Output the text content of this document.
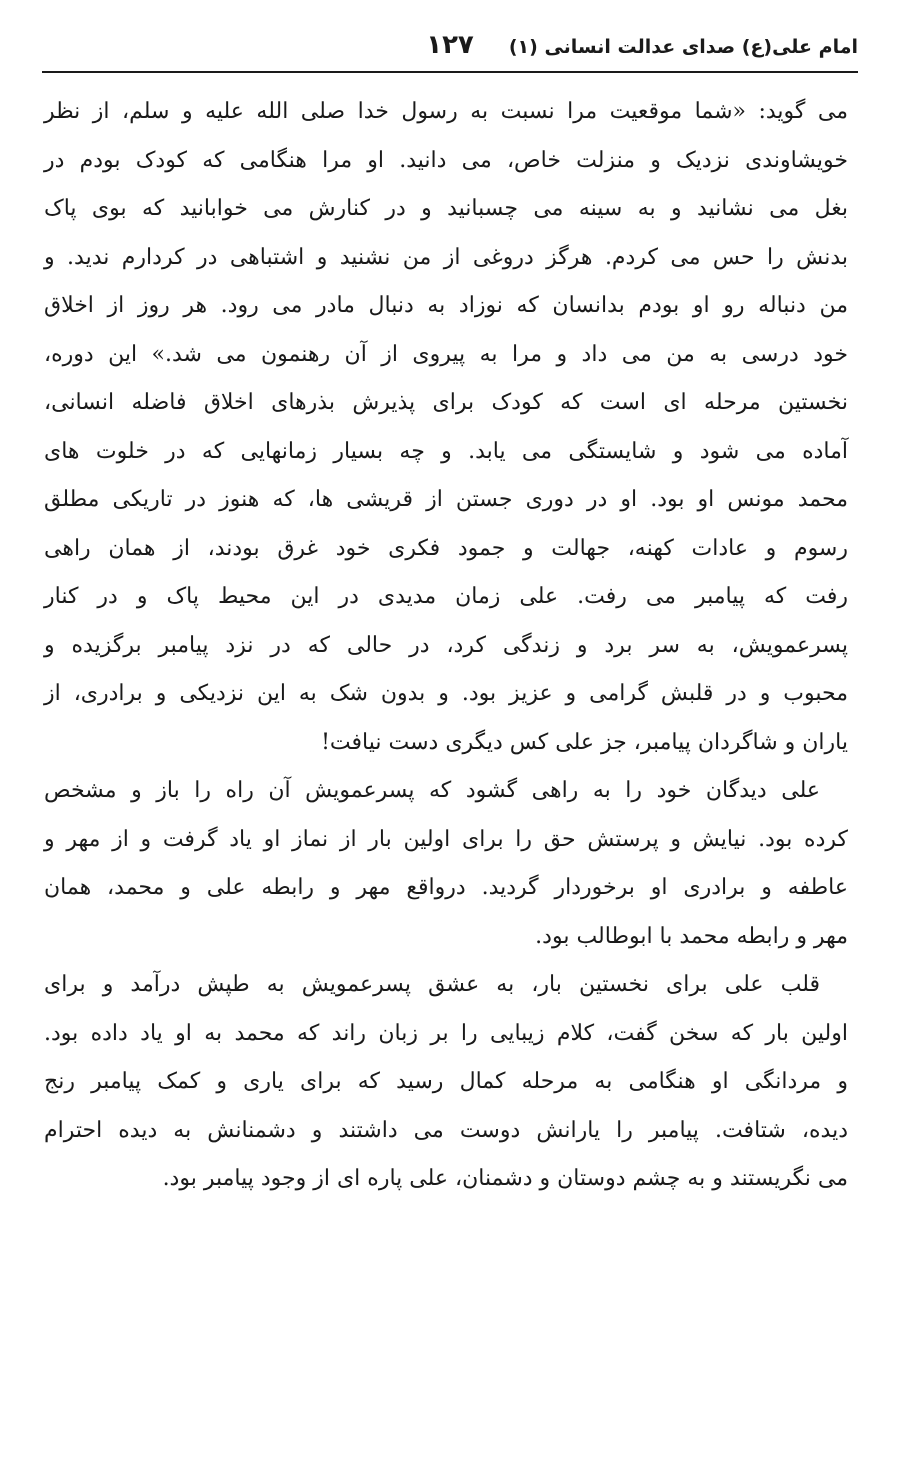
امام علی(ع) صدای عدالت انسانی (۱)
۱۲۷
می گوید: «شما موقعیت مرا نسبت به رسول خدا صلی الله علیه و سلم، از نظر
خویشاوندی نزدیک و منزلت خاص، می دانید. او مرا هنگامی که کودک بودم در
بغل می نشانید و به سینه می چسبانید و در کنارش می خوابانید که بوی پاک
بدنش را حس می کردم. هرگز دروغی از من نشنید و اشتباهی در کردارم ندید. و
من دنباله رو او بودم بدانسان که نوزاد به دنبال مادر می رود. هر روز از اخلاق
خود درسی به من می داد و مرا به پیروی از آن رهنمون می شد.» این دوره،
نخستین مرحله ای است که کودک برای پذیرش بذرهای اخلاق فاضله انسانی،
آماده می شود و شایستگی می یابد. و چه بسیار زمانهایی که در خلوت های
محمد مونس او بود. او در دوری جستن از قریشی ها، که هنوز در تاریکی مطلق
رسوم و عادات کهنه، جهالت و جمود فکری خود غرق بودند، از همان راهی
رفت که پیامبر می رفت. علی زمان مدیدی در این محیط پاک و در کنار
پسرعمویش، به سر برد و زندگی کرد، در حالی که در نزد پیامبر برگزیده و
محبوب و در قلبش گرامی و عزیز بود. و بدون شک به این نزدیکی و برادری، از
یاران و شاگردان پیامبر، جز علی کس دیگری دست نیافت!
علی دیدگان خود را به راهی گشود که پسرعمویش آن راه را باز و مشخص
کرده بود. نیایش و پرستش حق را برای اولین بار از نماز او یاد گرفت و از مهر و
عاطفه و برادری او برخوردار گردید. درواقع مهر و رابطه علی و محمد، همان
مهر و رابطه محمد با ابوطالب بود.
قلب علی برای نخستین بار، به عشق پسرعمویش به طپش درآمد و برای
اولین بار که سخن گفت، کلام زیبایی را بر زبان راند که محمد به او یاد داده بود.
و مردانگی او هنگامی به مرحله کمال رسید که برای یاری و کمک پیامبر رنج
دیده، شتافت. پیامبر را یارانش دوست می داشتند و دشمنانش به دیده احترام
می نگریستند و به چشم دوستان و دشمنان، علی پاره ای از وجود پیامبر بود.
